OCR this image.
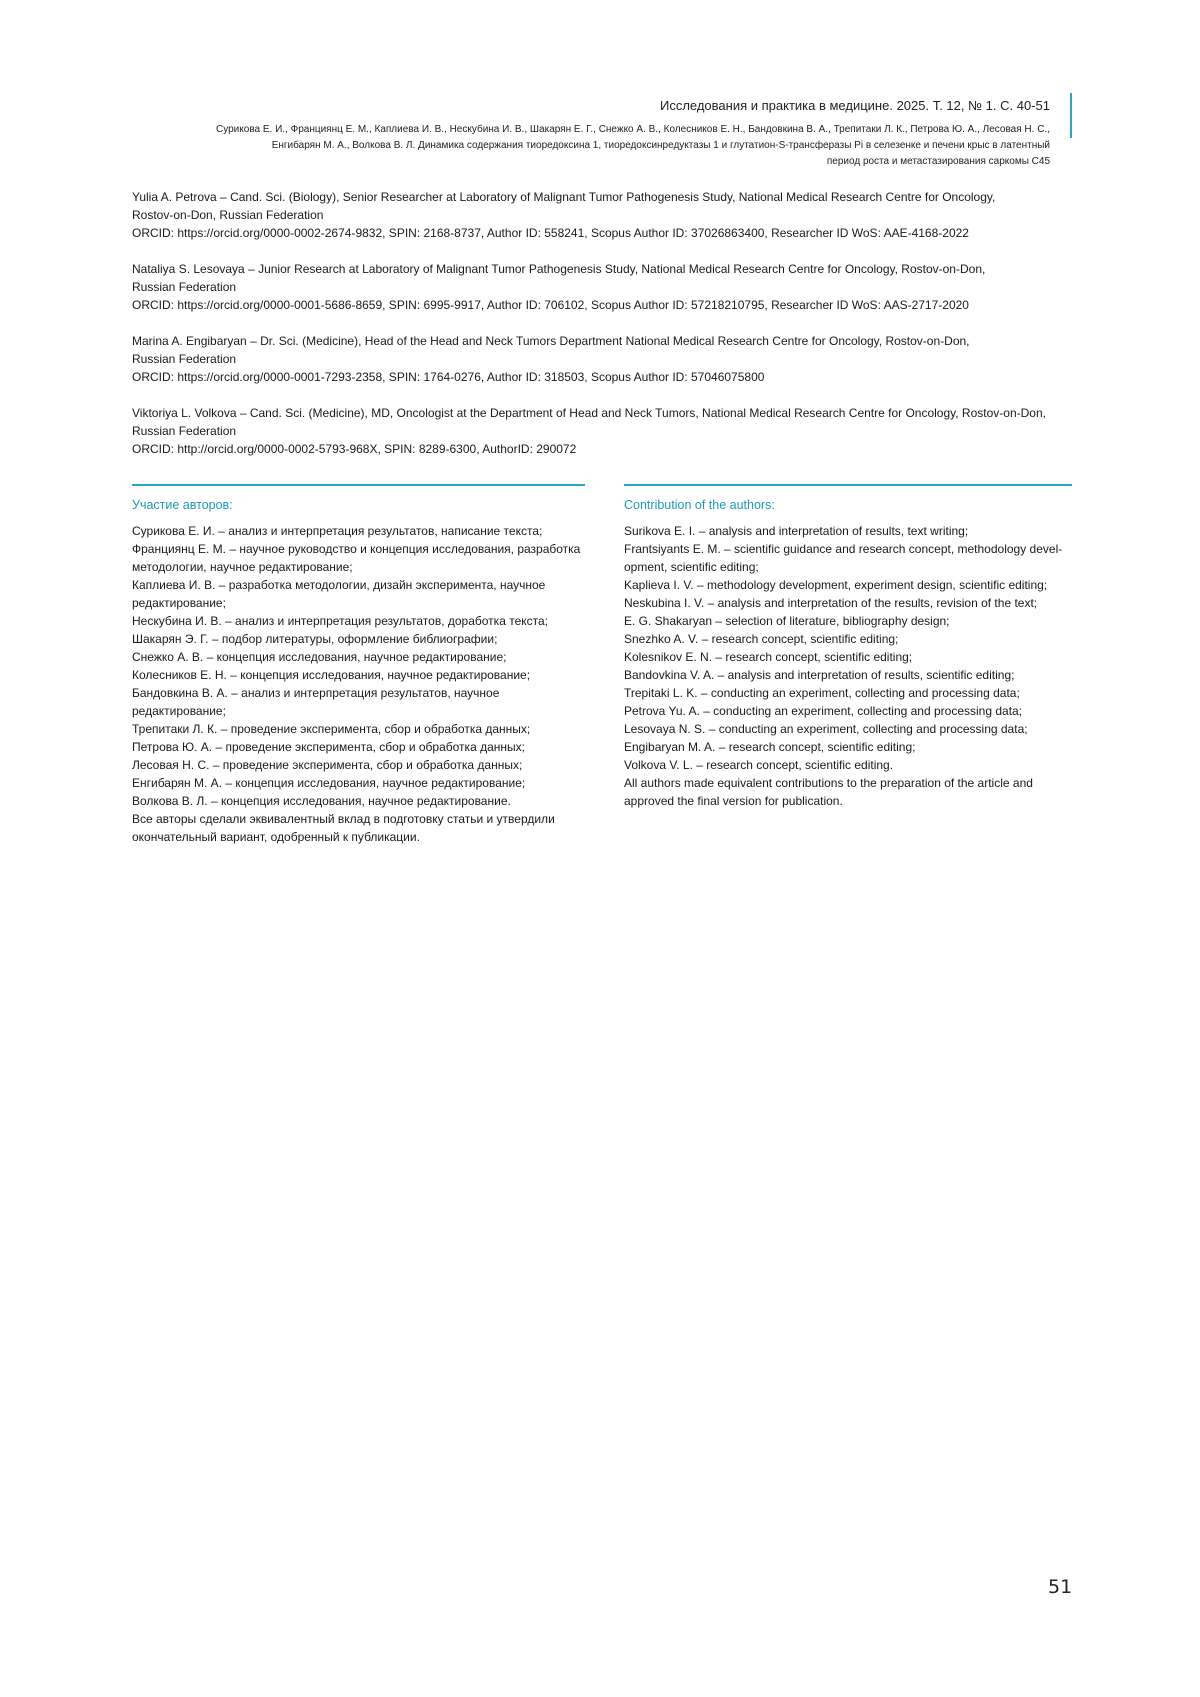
Исследования и практика в медицине. 2025. Т. 12, № 1. С. 40-51
Сурикова Е. И., Франциянц Е. М., Каплиева И. В., Нескубина И. В., Шакарян Е. Г., Снежко А. В., Колесников Е. Н., Бандовкина В. А., Трепитаки Л. К., Петрова Ю. А., Лесовая Н. С.,
Енгибарян М. А., Волкова В. Л. Динамика содержания тиоредоксина 1, тиоредоксинредуктазы 1 и глутатион-S-трансферазы Pi в селезенке и печени крыс в латентный
период роста и метастазирования саркомы С45

Yulia A. Petrova – Cand. Sci. (Biology), Senior Researcher at Laboratory of Malignant Tumor Pathogenesis Study, National Medical Research Centre for Oncology,

Rostov-on-Don, Russian Federation

ORCID: https://orcid.org/0000-0002-2674-9832, SPIN: 2168-8737, Author ID: 558241, Scopus Author ID: 37026863400, Researcher ID WoS: AAE-4168-2022

Nataliya S. Lesovaya – Junior Research at Laboratory of Malignant Tumor Pathogenesis Study, National Medical Research Centre for Oncology, Rostov-on-Don,

Russian Federation

ORCID: https://orcid.org/0000-0001-5686-8659, SPIN: 6995-9917, Author ID: 706102, Scopus Author ID: 57218210795, Researcher ID WoS: AAS-2717-2020

Marina A. Engibaryan – Dr. Sci. (Medicine), Head of the Head and Neck Tumors Department National Medical Research Centre for Oncology, Rostov-on-Don,

Russian Federation

ORCID: https://orcid.org/0000-0001-7293-2358, SPIN: 1764-0276, Author ID: 318503, Scopus Author ID: 57046075800

Viktoriya L. Volkova – Cand. Sci. (Medicine), MD, Oncologist at the Department of Head and Neck Tumors, National Medical Research Centre for Oncology, Rostov-on-Don,

Russian Federation

ORCID: http://orcid.org/0000-0002-5793-968X, SPIN: 8289-6300, AuthorID: 290072

Участие авторов:

Сурикова Е. И. – анализ и интерпретация результатов, написание текста;
Франциянц Е. М. – научное руководство и концепция исследования, разработка
методологии, научное редактирование;
Каплиева И. В. – разработка методологии, дизайн эксперимента, научное
редактирование;
Нескубина И. В. – анализ и интерпретация результатов, доработка текста;
Шакарян Э. Г. – подбор литературы, оформление библиографии;
Снежко А. В. – концепция исследования, научное редактирование;
Колесников Е. Н. – концепция исследования, научное редактирование;
Бандовкина В. А. – анализ и интерпретация результатов, научное редактирование;
Трепитаки Л. К. – проведение эксперимента, сбор и обработка данных;
Петрова Ю. А. – проведение эксперимента, сбор и обработка данных;
Лесовая Н. С. – проведение эксперимента, сбор и обработка данных;
Енгибарян М. А. – концепция исследования, научное редактирование;
Волкова В. Л. – концепция исследования, научное редактирование.
Все авторы сделали эквивалентный вклад в подготовку статьи и утвердили
окончательный вариант, одобренный к публикации.

Contribution of the authors:

Surikova E. I. – analysis and interpretation of results, text writing;
Frantsiyants E. M. – scientific guidance and research concept, methodology devel-
opment, scientific editing;
Kaplieva I. V. – methodology development, experiment design, scientific editing;
Neskubina I. V. – analysis and interpretation of the results, revision of the text;
E. G. Shakaryan – selection of literature, bibliography design;
Snezhko A. V. – research concept, scientific editing;
Kolesnikov E. N. – research concept, scientific editing;
Bandovkina V. A. – analysis and interpretation of results, scientific editing;
Trepitaki L. K. – conducting an experiment, collecting and processing data;
Petrova Yu. A. – conducting an experiment, collecting and processing data;
Lesovaya N. S. – conducting an experiment, collecting and processing data;
Engibaryan M. A. – research concept, scientific editing;
Volkova V. L. – research concept, scientific editing.
All authors made equivalent contributions to the preparation of the article and
approved the final version for publication.
51
